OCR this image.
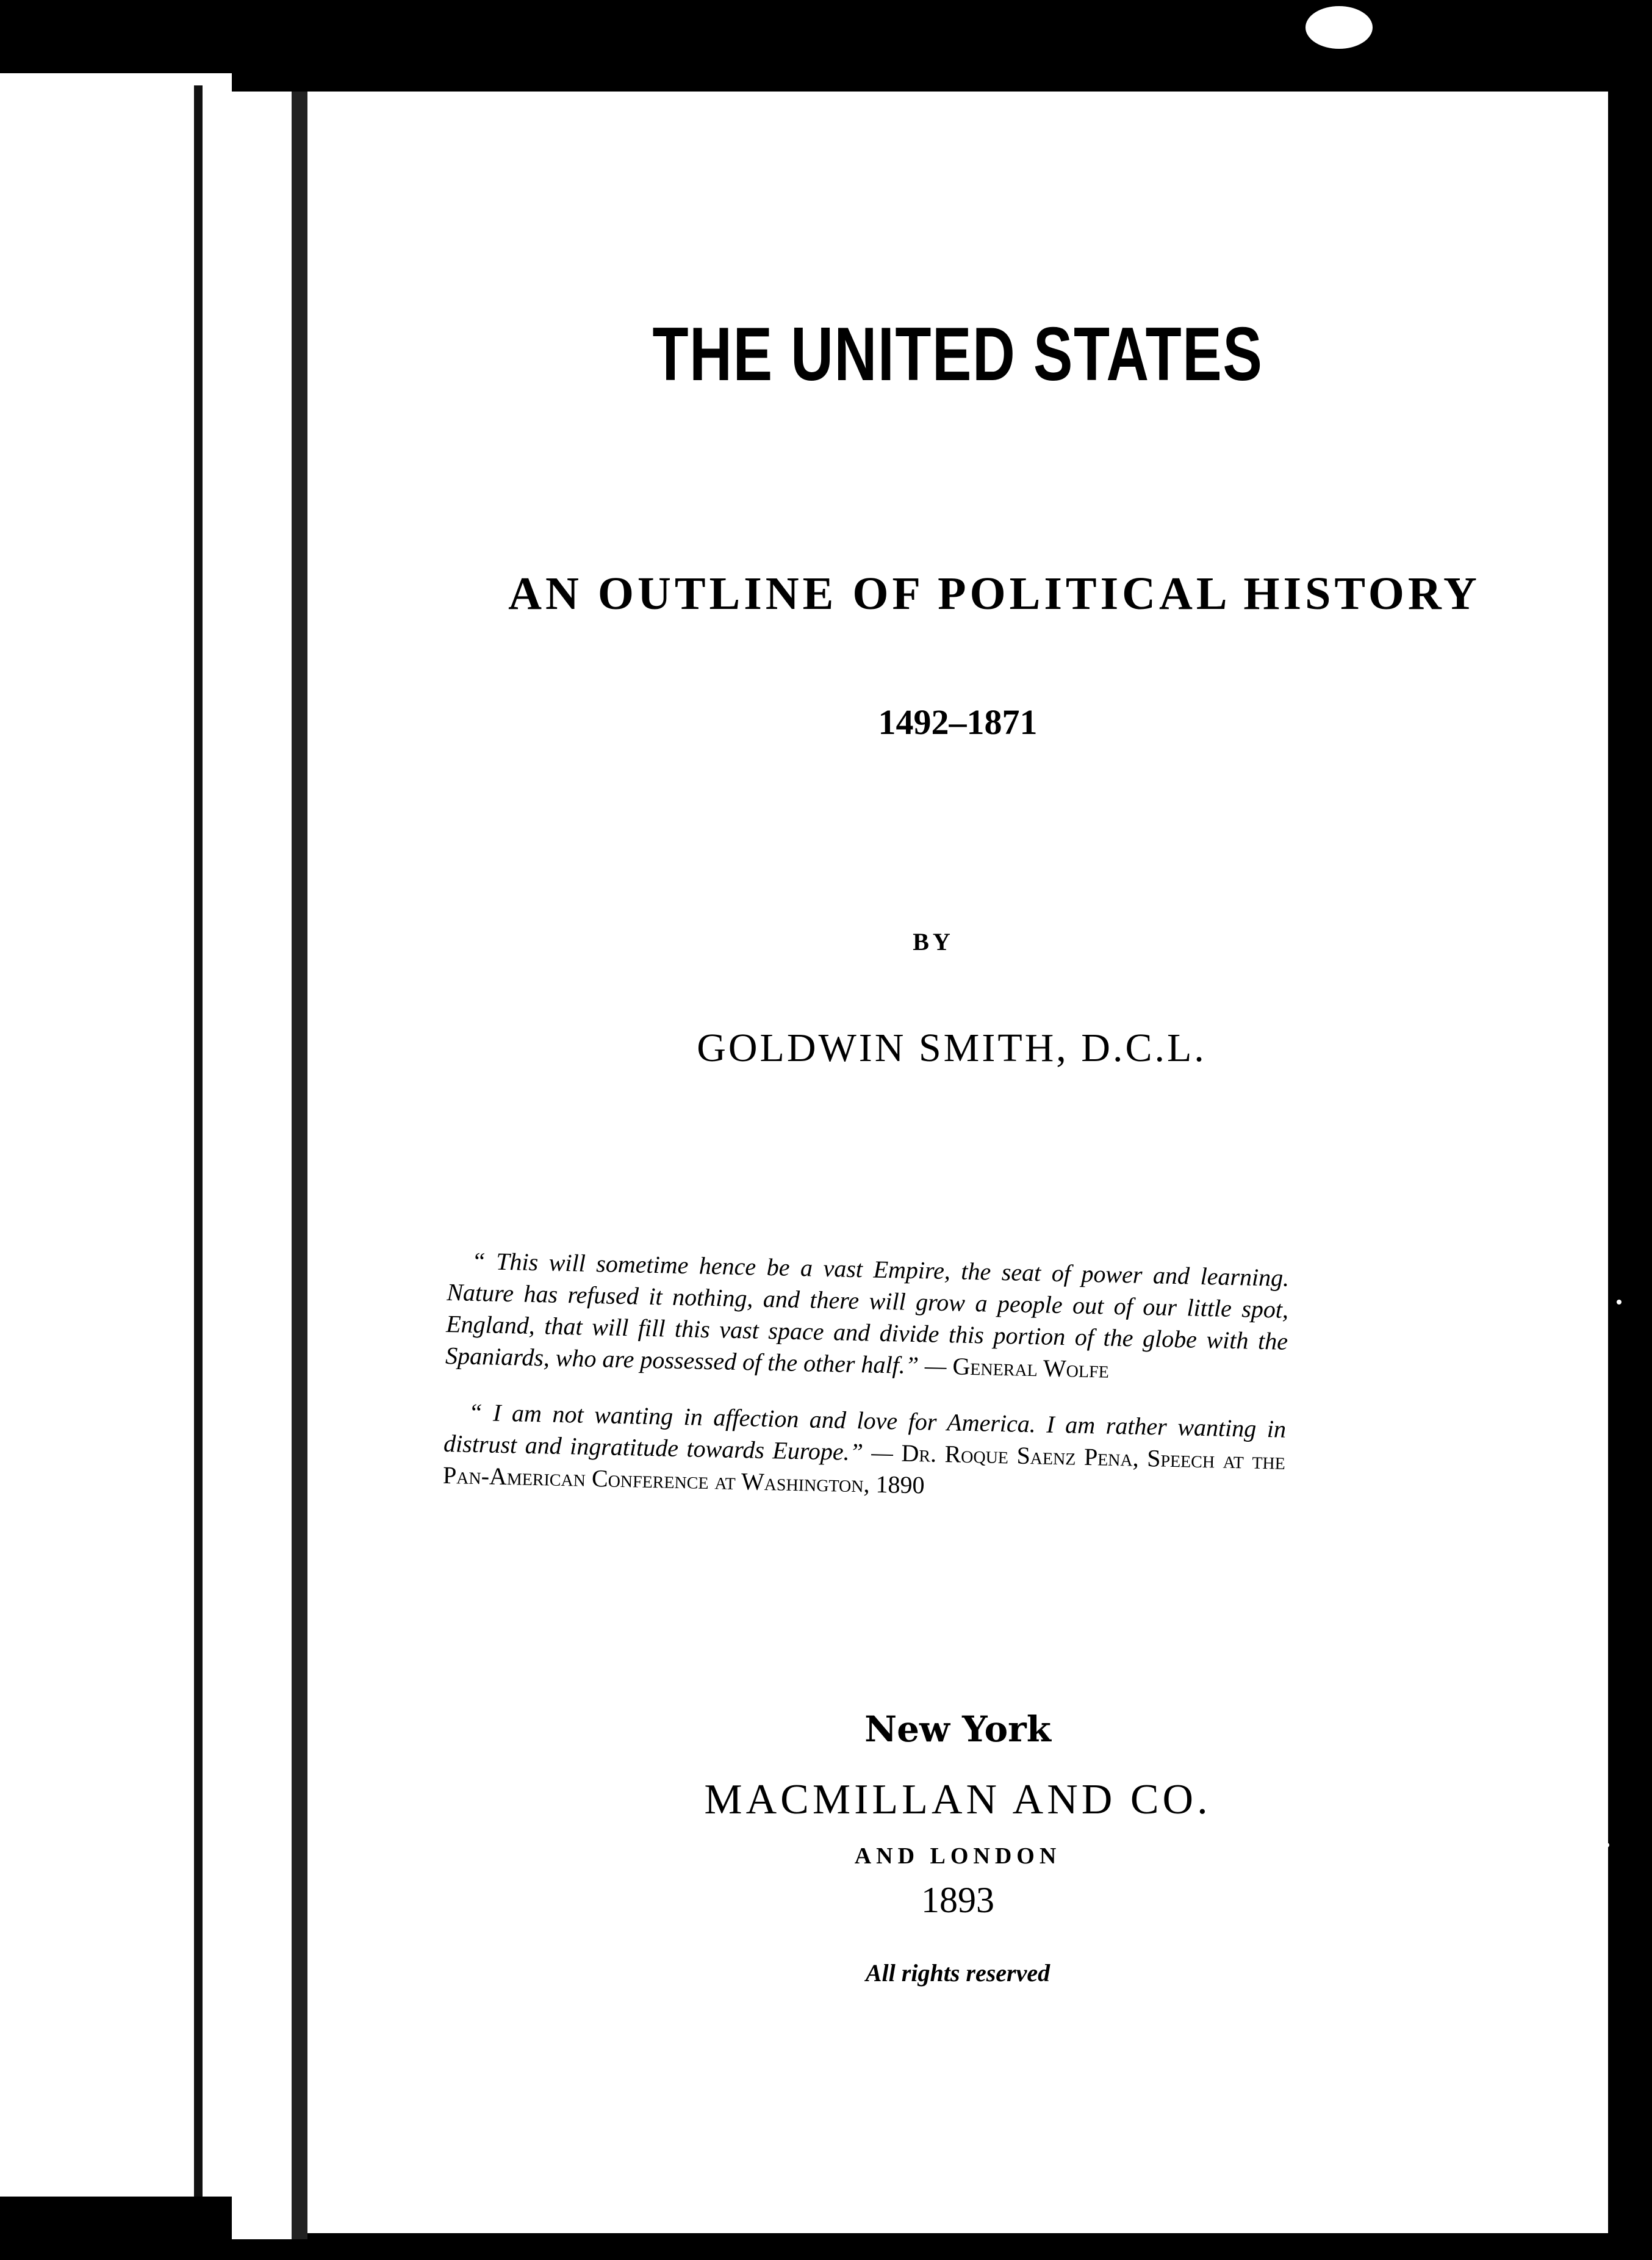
THE UNITED STATES
AN OUTLINE OF POLITICAL HISTORY
1492–1871
BY
GOLDWIN SMITH, D.C.L.

“ This will sometime hence be a vast Empire, the seat of power and learning. Nature has refused it nothing, and there will grow a people out of our little spot, England, that will fill this vast space and divide this portion of the globe with the Spaniards, who are possessed of the other half.” — General Wolfe

“ I am not wanting in affection and love for America. I am rather wanting in distrust and ingratitude towards Europe.” — Dr. Roque Saenz Pena, Speech at the Pan-American Conference at Washington, 1890

New York
MACMILLAN AND CO.
AND LONDON
1893
All rights reserved
